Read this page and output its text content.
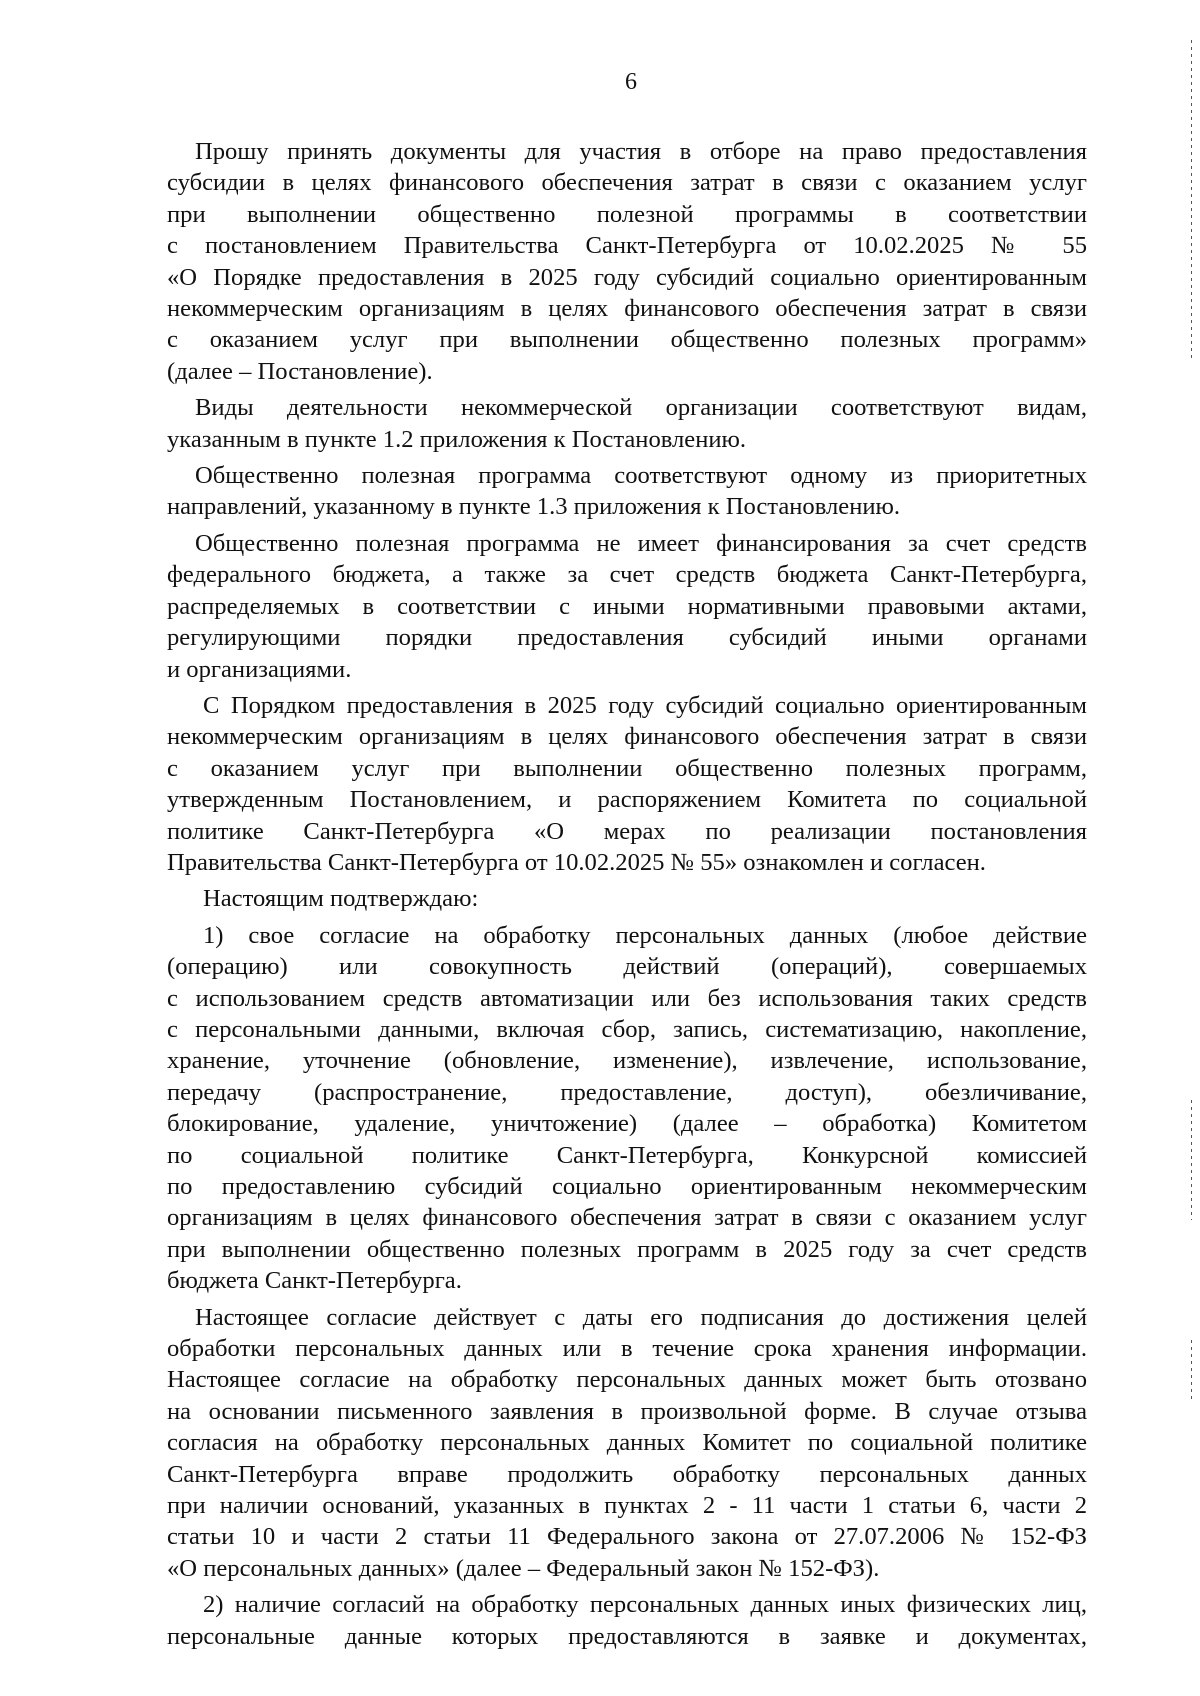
6
Прошу принять документы для участия в отборе на право предоставления
субсидии в целях финансового обеспечения затрат в связи с оказанием услуг
при выполнении общественно полезной программы в соответствии
с постановлением Правительства Санкт-Петербурга от 10.02.2025 № 55
«О Порядке предоставления в 2025 году субсидий социально ориентированным
некоммерческим организациям в целях финансового обеспечения затрат в связи
с оказанием услуг при выполнении общественно полезных программ»
(далее – Постановление).
Виды деятельности некоммерческой организации соответствуют видам,
указанным в пункте 1.2 приложения к Постановлению.
Общественно полезная программа соответствуют одному из приоритетных
направлений, указанному в пункте 1.3 приложения к Постановлению.
Общественно полезная программа не имеет финансирования за счет средств
федерального бюджета, а также за счет средств бюджета Санкт-Петербурга,
распределяемых в соответствии с иными нормативными правовыми актами,
регулирующими порядки предоставления субсидий иными органами
и организациями.
С Порядком предоставления в 2025 году субсидий социально ориентированным
некоммерческим организациям в целях финансового обеспечения затрат в связи
с оказанием услуг при выполнении общественно полезных программ,
утвержденным Постановлением, и распоряжением Комитета по социальной
политике Санкт-Петербурга «О мерах по реализации постановления
Правительства Санкт-Петербурга от 10.02.2025 № 55» ознакомлен и согласен.
Настоящим подтверждаю:
1) свое согласие на обработку персональных данных (любое действие
(операцию) или совокупность действий (операций), совершаемых
с использованием средств автоматизации или без использования таких средств
с персональными данными, включая сбор, запись, систематизацию, накопление,
хранение, уточнение (обновление, изменение), извлечение, использование,
передачу (распространение, предоставление, доступ), обезличивание,
блокирование, удаление, уничтожение) (далее – обработка) Комитетом
по социальной политике Санкт-Петербурга, Конкурсной комиссией
по предоставлению субсидий социально ориентированным некоммерческим
организациям в целях финансового обеспечения затрат в связи с оказанием услуг
при выполнении общественно полезных программ в 2025 году за счет средств
бюджета Санкт-Петербурга.
Настоящее согласие действует с даты его подписания до достижения целей
обработки персональных данных или в течение срока хранения информации.
Настоящее согласие на обработку персональных данных может быть отозвано
на основании письменного заявления в произвольной форме. В случае отзыва
согласия на обработку персональных данных Комитет по социальной политике
Санкт-Петербурга вправе продолжить обработку персональных данных
при наличии оснований, указанных в пунктах 2 - 11 части 1 статьи 6, части 2
статьи 10 и части 2 статьи 11 Федерального закона от 27.07.2006 № 152-ФЗ
«О персональных данных» (далее – Федеральный закон № 152-ФЗ).
2) наличие согласий на обработку персональных данных иных физических лиц,
персональные данные которых предоставляются в заявке и документах,
